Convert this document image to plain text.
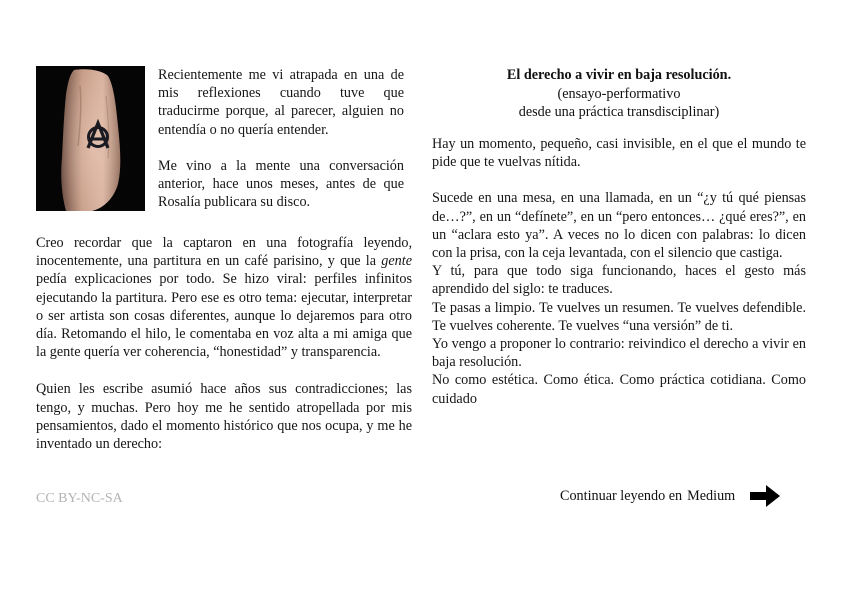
Recientemente me vi atrapada en una de mis reflexiones cuando tuve que traducirme porque, al parecer, alguien no entendía o no quería entender.

Me vino a la mente una conversación anterior, hace unos meses, antes de que Rosalía publicara su disco.

Creo recordar que la captaron en una fotografía leyendo, inocentemente, una partitura en un café parisino, y que la gente pedía explicaciones por todo. Se hizo viral: perfiles infinitos ejecutando la partitura. Pero ese es otro tema: ejecutar, interpretar o ser artista son cosas diferentes, aunque lo dejaremos para otro día. Retomando el hilo, le comentaba en voz alta a mi amiga que la gente quería ver coherencia, “honestidad” y transparencia.

Quien les escribe asumió hace años sus contradicciones; las tengo, y muchas. Pero hoy me he sentido atropellada por mis pensamientos, dado el momento histórico que nos ocupa, y me he inventado un derecho:

El derecho a vivir en baja resolución.
(ensayo-performativo
desde una práctica transdisciplinar)

Hay un momento, pequeño, casi invisible, en el que el mundo te pide que te vuelvas nítida.

Sucede en una mesa, en una llamada, en un “¿y tú qué piensas de…?”, en un “defínete”, en un “pero entonces… ¿qué eres?”, en un “aclara esto ya”. A veces no lo dicen con palabras: lo dicen con la prisa, con la ceja levantada, con el silencio que castiga.

Y tú, para que todo siga funcionando, haces el gesto más aprendido del siglo: te traduces.

Te pasas a limpio. Te vuelves un resumen. Te vuelves defendible. Te vuelves coherente. Te vuelves “una versión” de ti.

Yo vengo a proponer lo contrario: reivindico el derecho a vivir en baja resolución.

No como estética. Como ética. Como práctica cotidiana. Como cuidado

CC BY-NC-SA	Continuar leyendo en Medium
